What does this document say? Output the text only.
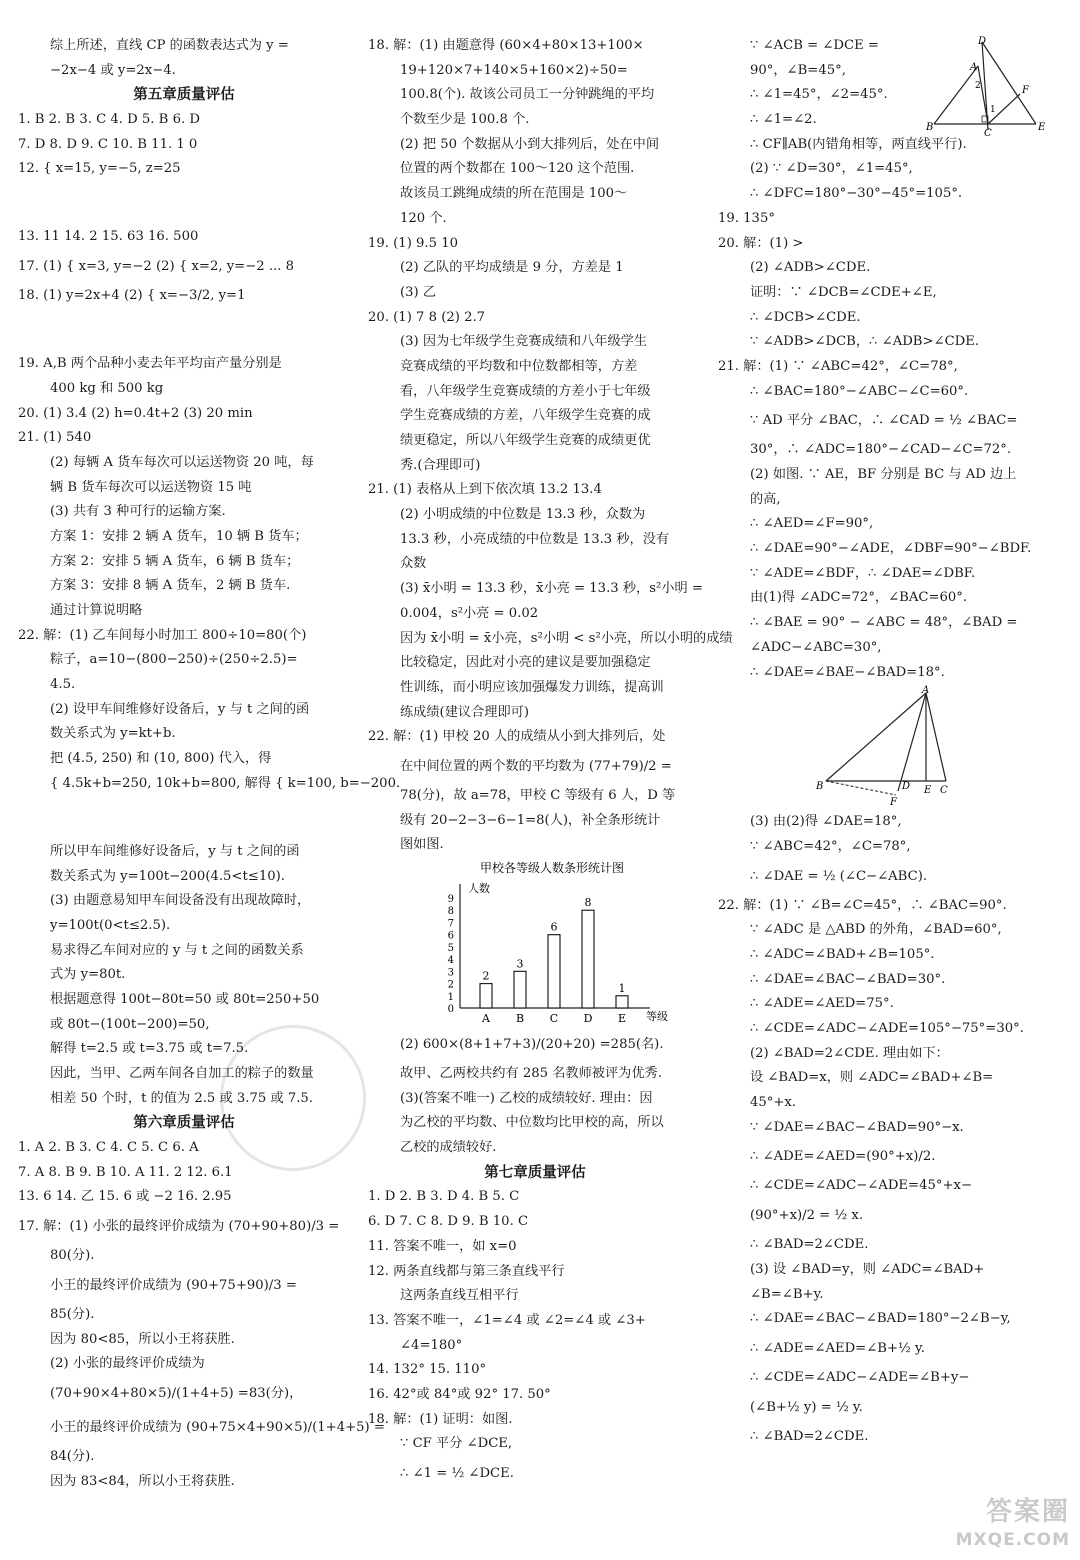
综上所述，直线 CP 的函数表达式为 y =
−2x−4 或 y=2x−4.
第五章质量评估
1. B 2. B 3. C 4. D 5. B 6. D
7. D 8. D 9. C 10. B 11. 1 0
12. { x=15, y=−5, z=25
13. 11 14. 2 15. 63 16. 500
17. (1) { x=3, y=−2 (2) { x=2, y=−2 ... 8
18. (1) y=2x+4 (2) { x=−3/2, y=1
19. A,B 两个品种小麦去年平均亩产量分别是
400 kg 和 500 kg
20. (1) 3.4 (2) h=0.4t+2 (3) 20 min
21. (1) 540
(2) 每辆 A 货车每次可以运送物资 20 吨，每
辆 B 货车每次可以运送物资 15 吨
(3) 共有 3 种可行的运输方案.
方案 1：安排 2 辆 A 货车，10 辆 B 货车；
方案 2：安排 5 辆 A 货车，6 辆 B 货车；
方案 3：安排 8 辆 A 货车，2 辆 B 货车.
通过计算说明略
22. 解：(1) 乙车间每小时加工 800÷10=80(个)
粽子，a=10−(800−250)÷(250÷2.5)=
4.5.
(2) 设甲车间维修好设备后，y 与 t 之间的函
数关系式为 y=kt+b.
把 (4.5, 250) 和 (10, 800) 代入，得
{ 4.5k+b=250, 10k+b=800, 解得 { k=100, b=−200.
所以甲车间维修好设备后，y 与 t 之间的函
数关系式为 y=100t−200(4.5<t≤10).
(3) 由题意易知甲车间设备没有出现故障时，
y=100t(0<t≤2.5).
易求得乙车间对应的 y 与 t 之间的函数关系
式为 y=80t.
根据题意得 100t−80t=50 或 80t=250+50
或 80t−(100t−200)=50,
解得 t=2.5 或 t=3.75 或 t=7.5.
因此，当甲、乙两车间各自加工的粽子的数量
相差 50 个时，t 的值为 2.5 或 3.75 或 7.5.
第六章质量评估
1. A 2. B 3. C 4. C 5. C 6. A
7. A 8. B 9. B 10. A 11. 2 12. 6.1
13. 6 14. 乙 15. 6 或 −2 16. 2.95
17. 解：(1) 小张的最终评价成绩为 (70+90+80)/3 =
80(分).
小王的最终评价成绩为 (90+75+90)/3 =
85(分).
因为 80<85，所以小王将获胜.
(2) 小张的最终评价成绩为
(70+90×4+80×5)/(1+4+5) =83(分)，
小王的最终评价成绩为 (90+75×4+90×5)/(1+4+5) =
84(分).
因为 83<84，所以小王将获胜.
18. 解：(1) 由题意得 (60×4+80×13+100×
19+120×7+140×5+160×2)÷50=
100.8(个). 故该公司员工一分钟跳绳的平均
个数至少是 100.8 个.
(2) 把 50 个数据从小到大排列后，处在中间
位置的两个数都在 100～120 这个范围.
故该员工跳绳成绩的所在范围是 100～
120 个.
19. (1) 9.5 10
(2) 乙队的平均成绩是 9 分，方差是 1
(3) 乙
20. (1) 7 8 (2) 2.7
(3) 因为七年级学生竞赛成绩和八年级学生
竞赛成绩的平均数和中位数都相等，方差
看，八年级学生竞赛成绩的方差小于七年级
学生竞赛成绩的方差，八年级学生竞赛的成
绩更稳定，所以八年级学生竞赛的成绩更优
秀.(合理即可)
21. (1) 表格从上到下依次填 13.2 13.4
(2) 小明成绩的中位数是 13.3 秒，众数为
13.3 秒，小亮成绩的中位数是 13.3 秒，没有
众数
(3) x̄小明 = 13.3 秒，x̄小亮 = 13.3 秒，s²小明 =
0.004，s²小亮 = 0.02
因为 x̄小明 = x̄小亮，s²小明 < s²小亮，所以小明的成绩
比较稳定，因此对小亮的建议是要加强稳定
性训练，而小明应该加强爆发力训练，提高训
练成绩(建议合理即可)
22. 解：(1) 甲校 20 人的成绩从小到大排列后，处
在中间位置的两个数的平均数为 (77+79)/2 =
78(分)，故 a=78，甲校 C 等级有 6 人，D 等
级有 20−2−3−6−1=8(人)，补全条形统计
图如图.
甲校各等级人数条形统计图
人数
等级
0
1
2
3
4
5
6
7
8
9
2
A
3
B
6
C
8
D
1
E
(2) 600×(8+1+7+3)/(20+20) =285(名).
故甲、乙两校共约有 285 名教师被评为优秀.
(3)(答案不唯一) 乙校的成绩较好. 理由：因
为乙校的平均数、中位数均比甲校的高，所以
乙校的成绩较好.
第七章质量评估
1. D 2. B 3. D 4. B 5. C
6. D 7. C 8. D 9. B 10. C
11. 答案不唯一，如 x=0
12. 两条直线都与第三条直线平行
这两条直线互相平行
13. 答案不唯一，∠1=∠4 或 ∠2=∠4 或 ∠3+
∠4=180°
14. 132° 15. 110°
16. 42°或 84°或 92° 17. 50°
18. 解：(1) 证明：如图.
∵ CF 平分 ∠DCE,
∴ ∠1 = ½ ∠DCE.
∵ ∠ACB = ∠DCE =
90°，∠B=45°,
∴ ∠1=45°，∠2=45°.
∴ ∠1=∠2.
∴ CF∥AB(内错角相等，两直线平行).
(2) ∵ ∠D=30°，∠1=45°,
∴ ∠DFC=180°−30°−45°=105°.
19. 135°
20. 解：(1) >
(2) ∠ADB>∠CDE.
证明：∵ ∠DCB=∠CDE+∠E,
∴ ∠DCB>∠CDE.
∵ ∠ADB>∠DCB，∴ ∠ADB>∠CDE.
21. 解：(1) ∵ ∠ABC=42°，∠C=78°,
∴ ∠BAC=180°−∠ABC−∠C=60°.
∵ AD 平分 ∠BAC，∴ ∠CAD = ½ ∠BAC=
30°，∴ ∠ADC=180°−∠CAD−∠C=72°.
(2) 如图. ∵ AE，BF 分别是 BC 与 AD 边上
的高,
∴ ∠AED=∠F=90°,
∴ ∠DAE=90°−∠ADE，∠DBF=90°−∠BDF.
∵ ∠ADE=∠BDF，∴ ∠DAE=∠DBF.
由(1)得 ∠ADC=72°，∠BAC=60°.
∴ ∠BAE = 90° − ∠ABC = 48°，∠BAD =
∠ADC−∠ABC=30°,
∴ ∠DAE=∠BAE−∠BAD=18°.
D
A
2
1
F
B
C
E
A
B	D E C
F
(3) 由(2)得 ∠DAE=18°,
∵ ∠ABC=42°，∠C=78°,
∴ ∠DAE = ½ (∠C−∠ABC).
22. 解：(1) ∵ ∠B=∠C=45°，∴ ∠BAC=90°.
∵ ∠ADC 是 △ABD 的外角，∠BAD=60°,
∴ ∠ADC=∠BAD+∠B=105°.
∴ ∠DAE=∠BAC−∠BAD=30°.
∴ ∠ADE=∠AED=75°.
∴ ∠CDE=∠ADC−∠ADE=105°−75°=30°.
(2) ∠BAD=2∠CDE. 理由如下：
设 ∠BAD=x，则 ∠ADC=∠BAD+∠B=
45°+x.
∵ ∠DAE=∠BAC−∠BAD=90°−x.
∴ ∠ADE=∠AED=(90°+x)/2.
∴ ∠CDE=∠ADC−∠ADE=45°+x−
(90°+x)/2 = ½ x.
∴ ∠BAD=2∠CDE.
(3) 设 ∠BAD=y，则 ∠ADC=∠BAD+
∠B=∠B+y.
∴ ∠DAE=∠BAC−∠BAD=180°−2∠B−y,
∴ ∠ADE=∠AED=∠B+½ y.
∴ ∠CDE=∠ADC−∠ADE=∠B+y−
(∠B+½ y) = ½ y.
∴ ∠BAD=2∠CDE.
答案圈
MXQE.COM
